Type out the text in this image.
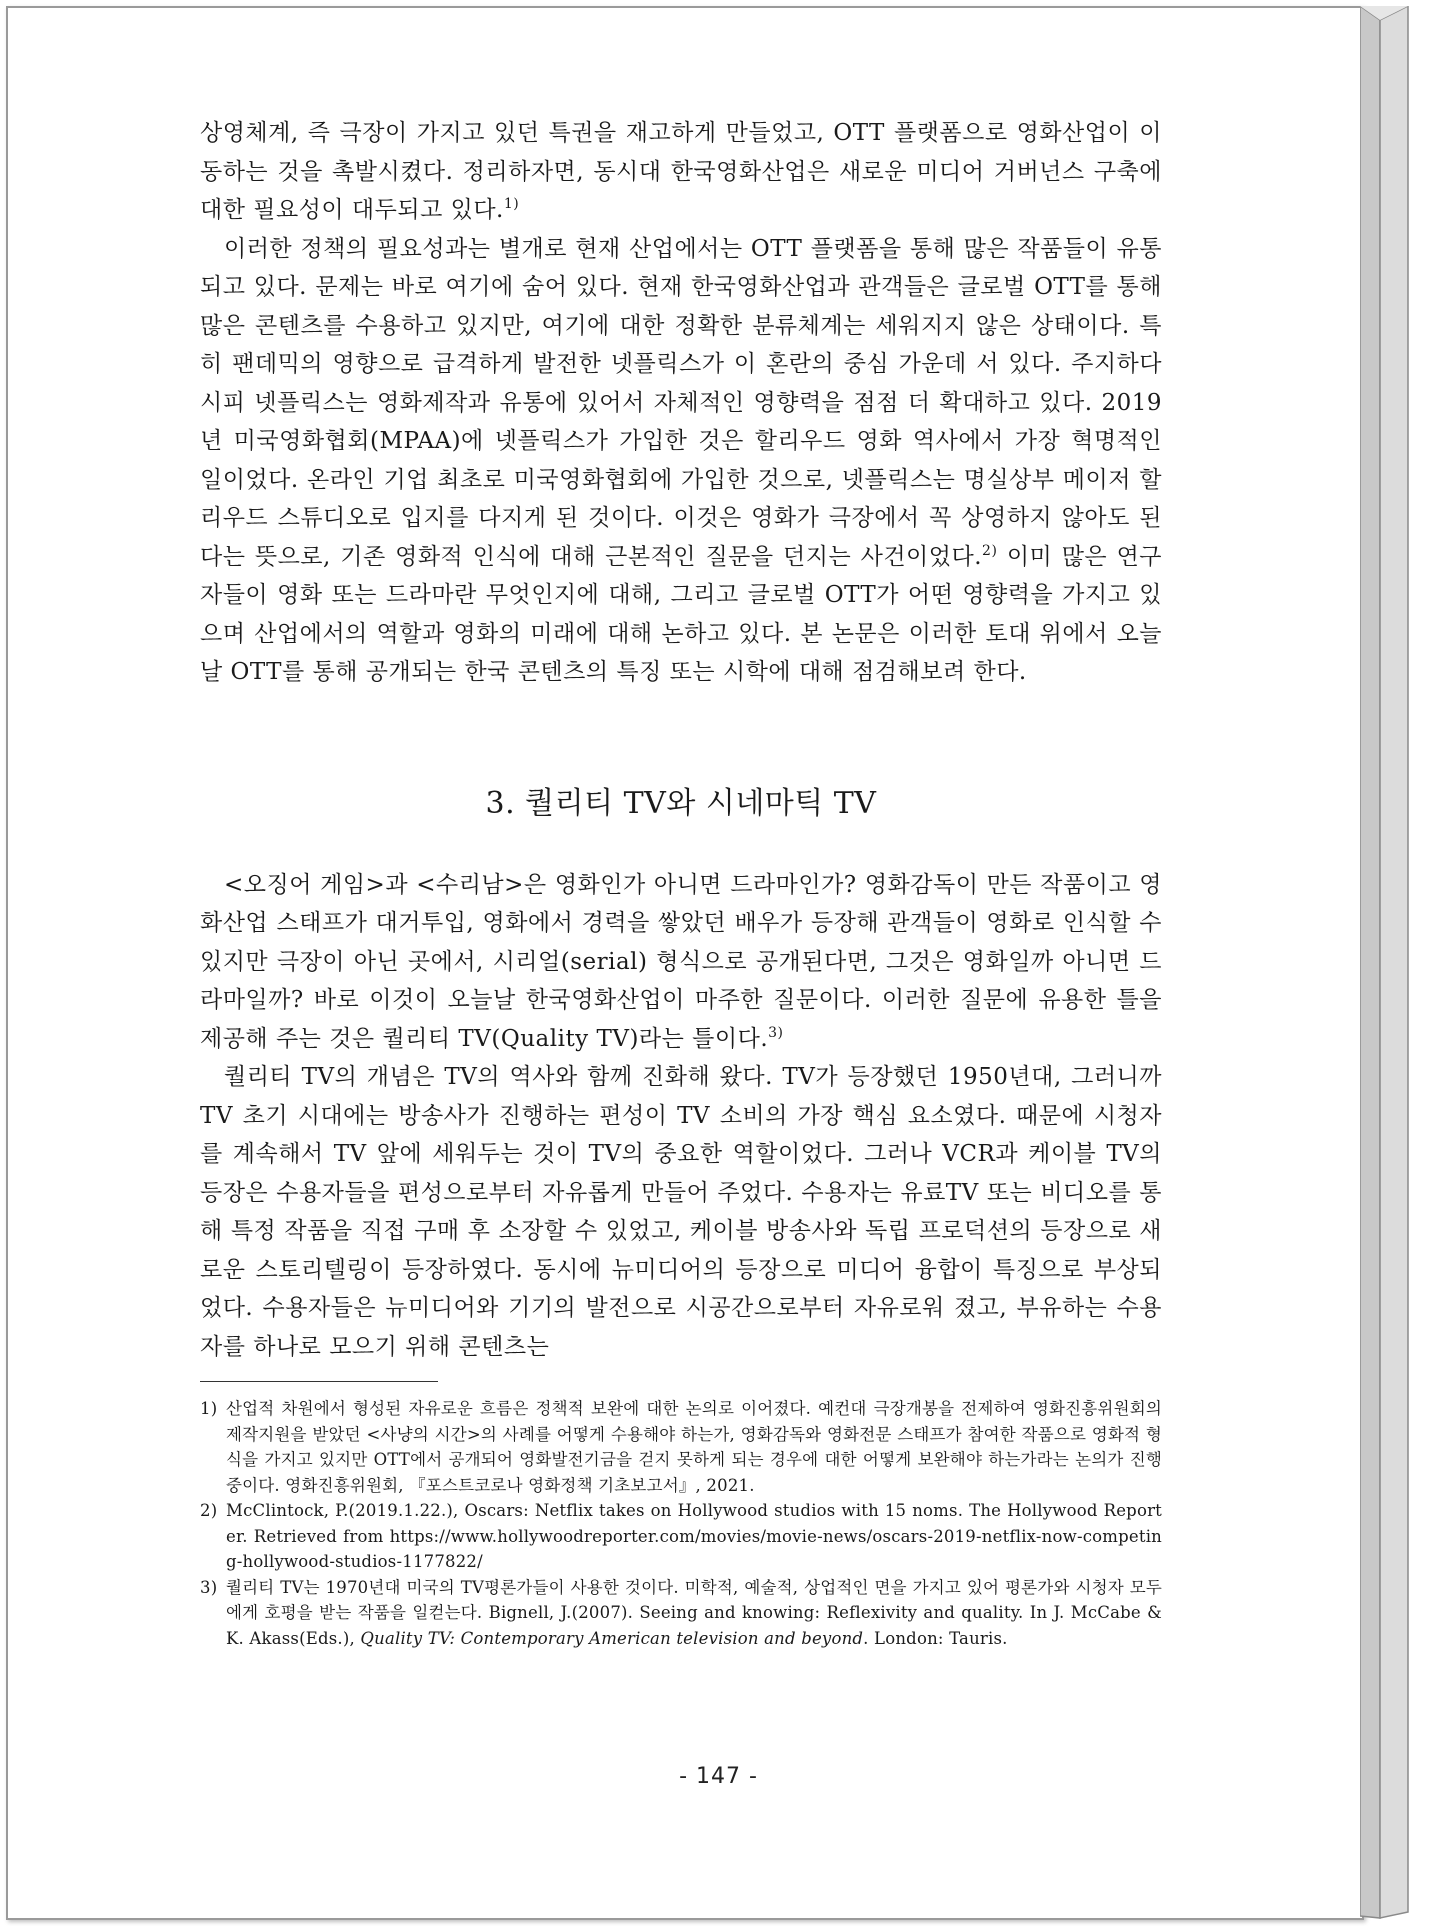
상영체계, 즉 극장이 가지고 있던 특권을 재고하게 만들었고, OTT 플랫폼으로 영화산업이 이동하는 것을 촉발시켰다. 정리하자면, 동시대 한국영화산업은 새로운 미디어 거버넌스 구축에 대한 필요성이 대두되고 있다.$^{1)}$

이러한 정책의 필요성과는 별개로 현재 산업에서는 OTT 플랫폼을 통해 많은 작품들이 유통되고 있다. 문제는 바로 여기에 숨어 있다. 현재 한국영화산업과 관객들은 글로벌 OTT를 통해 많은 콘텐츠를 수용하고 있지만, 여기에 대한 정확한 분류체계는 세워지지 않은 상태이다. 특히 팬데믹의 영향으로 급격하게 발전한 넷플릭스가 이 혼란의 중심 가운데 서 있다. 주지하다시피 넷플릭스는 영화제작과 유통에 있어서 자체적인 영향력을 점점 더 확대하고 있다. 2019년 미국영화협회(MPAA)에 넷플릭스가 가입한 것은 할리우드 영화 역사에서 가장 혁명적인 일이었다. 온라인 기업 최초로 미국영화협회에 가입한 것으로, 넷플릭스는 명실상부 메이저 할리우드 스튜디오로 입지를 다지게 된 것이다. 이것은 영화가 극장에서 꼭 상영하지 않아도 된다는 뜻으로, 기존 영화적 인식에 대해 근본적인 질문을 던지는 사건이었다.$^{2)}$ 이미 많은 연구자들이 영화 또는 드라마란 무엇인지에 대해, 그리고 글로벌 OTT가 어떤 영향력을 가지고 있으며 산업에서의 역할과 영화의 미래에 대해 논하고 있다. 본 논문은 이러한 토대 위에서 오늘날 OTT를 통해 공개되는 한국 콘텐츠의 특징 또는 시학에 대해 점검해보려 한다.

3. 퀄리티 TV와 시네마틱 TV

<오징어 게임>과 <수리남>은 영화인가 아니면 드라마인가? 영화감독이 만든 작품이고 영화산업 스태프가 대거투입, 영화에서 경력을 쌓았던 배우가 등장해 관객들이 영화로 인식할 수 있지만 극장이 아닌 곳에서, 시리얼(serial) 형식으로 공개된다면, 그것은 영화일까 아니면 드라마일까? 바로 이것이 오늘날 한국영화산업이 마주한 질문이다. 이러한 질문에 유용한 틀을 제공해 주는 것은 퀄리티 TV(Quality TV)라는 틀이다.$^{3)}$

퀄리티 TV의 개념은 TV의 역사와 함께 진화해 왔다. TV가 등장했던 1950년대, 그러니까 TV 초기 시대에는 방송사가 진행하는 편성이 TV 소비의 가장 핵심 요소였다. 때문에 시청자를 계속해서 TV 앞에 세워두는 것이 TV의 중요한 역할이었다. 그러나 VCR과 케이블 TV의 등장은 수용자들을 편성으로부터 자유롭게 만들어 주었다. 수용자는 유료TV 또는 비디오를 통해 특정 작품을 직접 구매 후 소장할 수 있었고, 케이블 방송사와 독립 프로덕션의 등장으로 새로운 스토리텔링이 등장하였다. 동시에 뉴미디어의 등장으로 미디어 융합이 특징으로 부상되었다. 수용자들은 뉴미디어와 기기의 발전으로 시공간으로부터 자유로워 졌고, 부유하는 수용자를 하나로 모으기 위해 콘텐츠는

1) 산업적 차원에서 형성된 자유로운 흐름은 정책적 보완에 대한 논의로 이어졌다. 예컨대 극장개봉을 전제하여 영화진흥위원회의 제작지원을 받았던 <사냥의 시간>의 사례를 어떻게 수용해야 하는가, 영화감독와 영화전문 스태프가 참여한 작품으로 영화적 형식을 가지고 있지만 OTT에서 공개되어 영화발전기금을 걷지 못하게 되는 경우에 대한 어떻게 보완해야 하는가라는 논의가 진행중이다. 영화진흥위원회, 『포스트코로나 영화정책 기초보고서』, 2021.
2) McClintock, P.(2019.1.22.), Oscars: Netflix takes on Hollywood studios with 15 noms. The Hollywood Reporter. Retrieved from https://www.hollywoodreporter.com/movies/movie-news/oscars-2019-netflix-now-competing-hollywood-studios-1177822/
3) 퀄리티 TV는 1970년대 미국의 TV평론가들이 사용한 것이다. 미학적, 예술적, 상업적인 면을 가지고 있어 평론가와 시청자 모두에게 호평을 받는 작품을 일컫는다. Bignell, J.(2007). Seeing and knowing: Reflexivity and quality. In J. McCabe & K. Akass(Eds.), Quality TV: Contemporary American television and beyond. London: Tauris.
- 147 -
